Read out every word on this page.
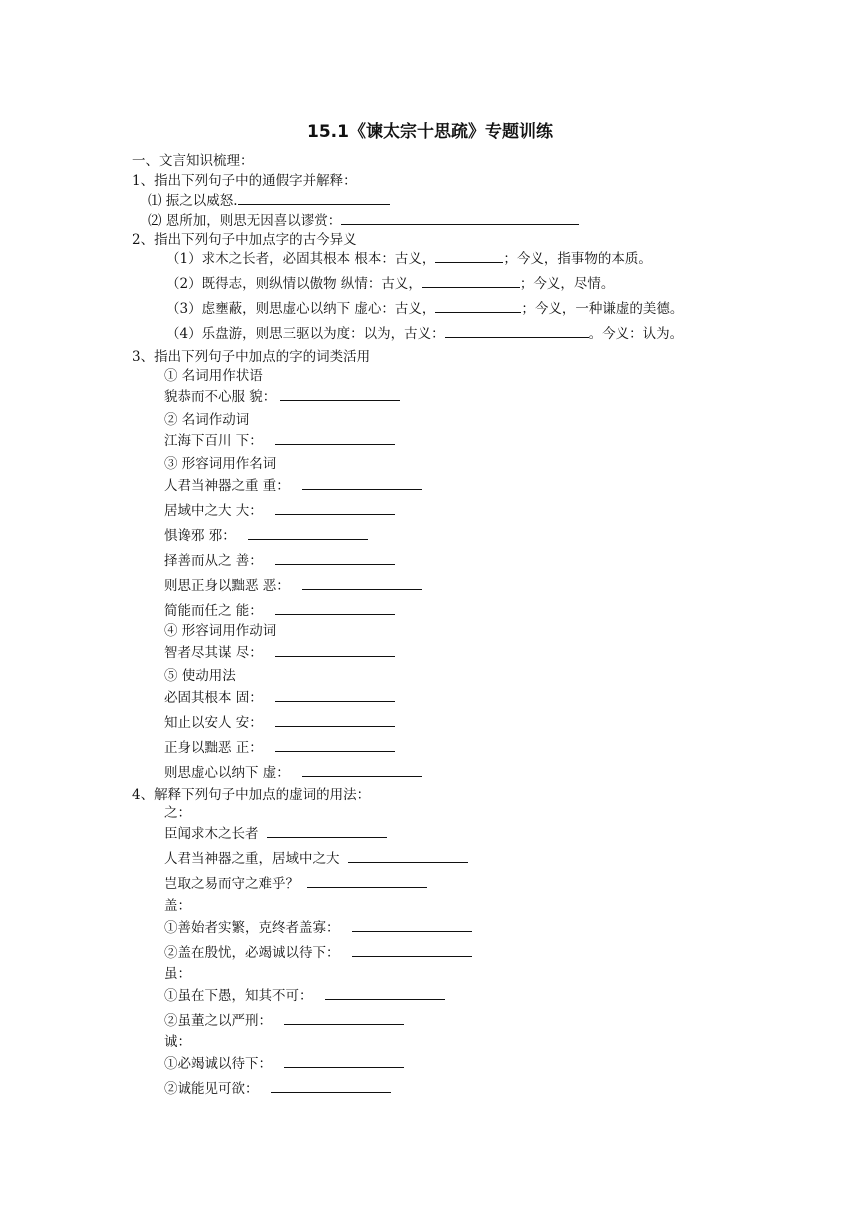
15.1《谏太宗十思疏》专题训练
一、文言知识梳理：
1、指出下列句子中的通假字并解释：
⑴ 振之以威怒.
⑵ 恩所加，则思无因喜以谬赏：
2、指出下列句子中加点字的古今异义
（1）求木之长者，必固其根本 根本：古义，	；今义，指事物的本质。
（2）既得志，则纵情以傲物 纵情：古义，	；今义，尽情。
（3）虑壅蔽，则思虚心以纳下 虚心：古义，	；今义，一种谦虚的美德。
（4）乐盘游，则思三驱以为度：以为，古义：	。今义：认为。
3、指出下列句子中加点的字的词类活用
① 名词用作状语
貌恭而不心服 貌：
② 名词作动词
江海下百川 下：
③ 形容词用作名词
人君当神器之重 重：
居域中之大 大：
惧谗邪 邪：
择善而从之 善：
则思正身以黜恶 恶：
简能而任之 能：
④ 形容词用作动词
智者尽其谋 尽：
⑤ 使动用法
必固其根本 固：
知止以安人 安：
正身以黜恶 正：
则思虚心以纳下 虚：
4、解释下列句子中加点的虚词的用法：
之：
臣闻求木之长者
人君当神器之重，居域中之大
岂取之易而守之难乎？
盖：
①善始者实繁，克终者盖寡：
②盖在殷忧，必竭诚以待下：
虽：
①虽在下愚，知其不可：
②虽董之以严刑：
诚：
①必竭诚以待下：
②诚能见可欲：
